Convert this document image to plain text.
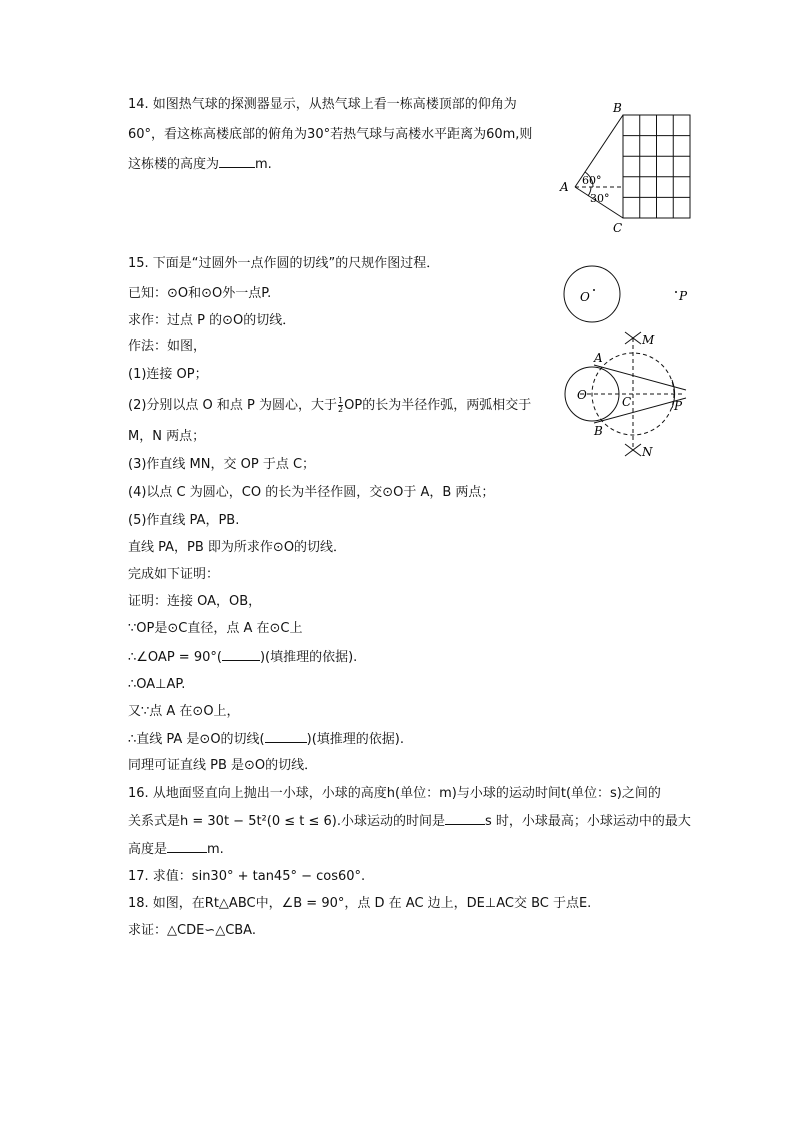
14. 如图热气球的探测器显示，从热气球上看一栋高楼顶部的仰角为
60°，看这栋高楼底部的俯角为30°若热气球与高楼水平距离为60m,则
这栋楼的高度为	m.
B
A
C
60°
30°
15. 下面是“过圆外一点作圆的切线”的尺规作图过程．
已知：⊙O和⊙O外一点P.
求作：过点 P 的⊙O的切线．
作法：如图，
(1)连接 OP；
(2)分别以点 O 和点 P 为圆心，大于 $\frac{1}{2}$ OP的长为半径作弧，两弧相交于
M，N 两点；
(3)作直线 MN，交 OP 于点 C；
(4)以点 C 为圆心，CO 的长为半径作圆，交⊙O于 A，B 两点；
(5)作直线 PA，PB.
直线 PA，PB 即为所求作⊙O的切线．
完成如下证明：
证明：连接 OA，OB，
∵OP是⊙C直径，点 A 在⊙C上
∴∠OAP = 90°(	)(填推理的依据).
∴OA⊥AP.
又∵点 A 在⊙O上，
∴直线 PA 是⊙O的切线(	)(填推理的依据).
同理可证直线 PB 是⊙O的切线．
O	P
A
B
O	C	P
M
N
16. 从地面竖直向上抛出一小球，小球的高度h(单位：m)与小球的运动时间t(单位：s)之间的
关系式是h = 30t − 5t²(0 ≤ t ≤ 6).小球运动的时间是	s 时，小球最高；小球运动中的最大
高度是	m.
17. 求值：sin30° + tan45° − cos60°.
18. 如图，在Rt△ABC中，∠B = 90°，点 D 在 AC 边上，DE⊥AC交 BC 于点E.
求证：△CDE∽△CBA.
